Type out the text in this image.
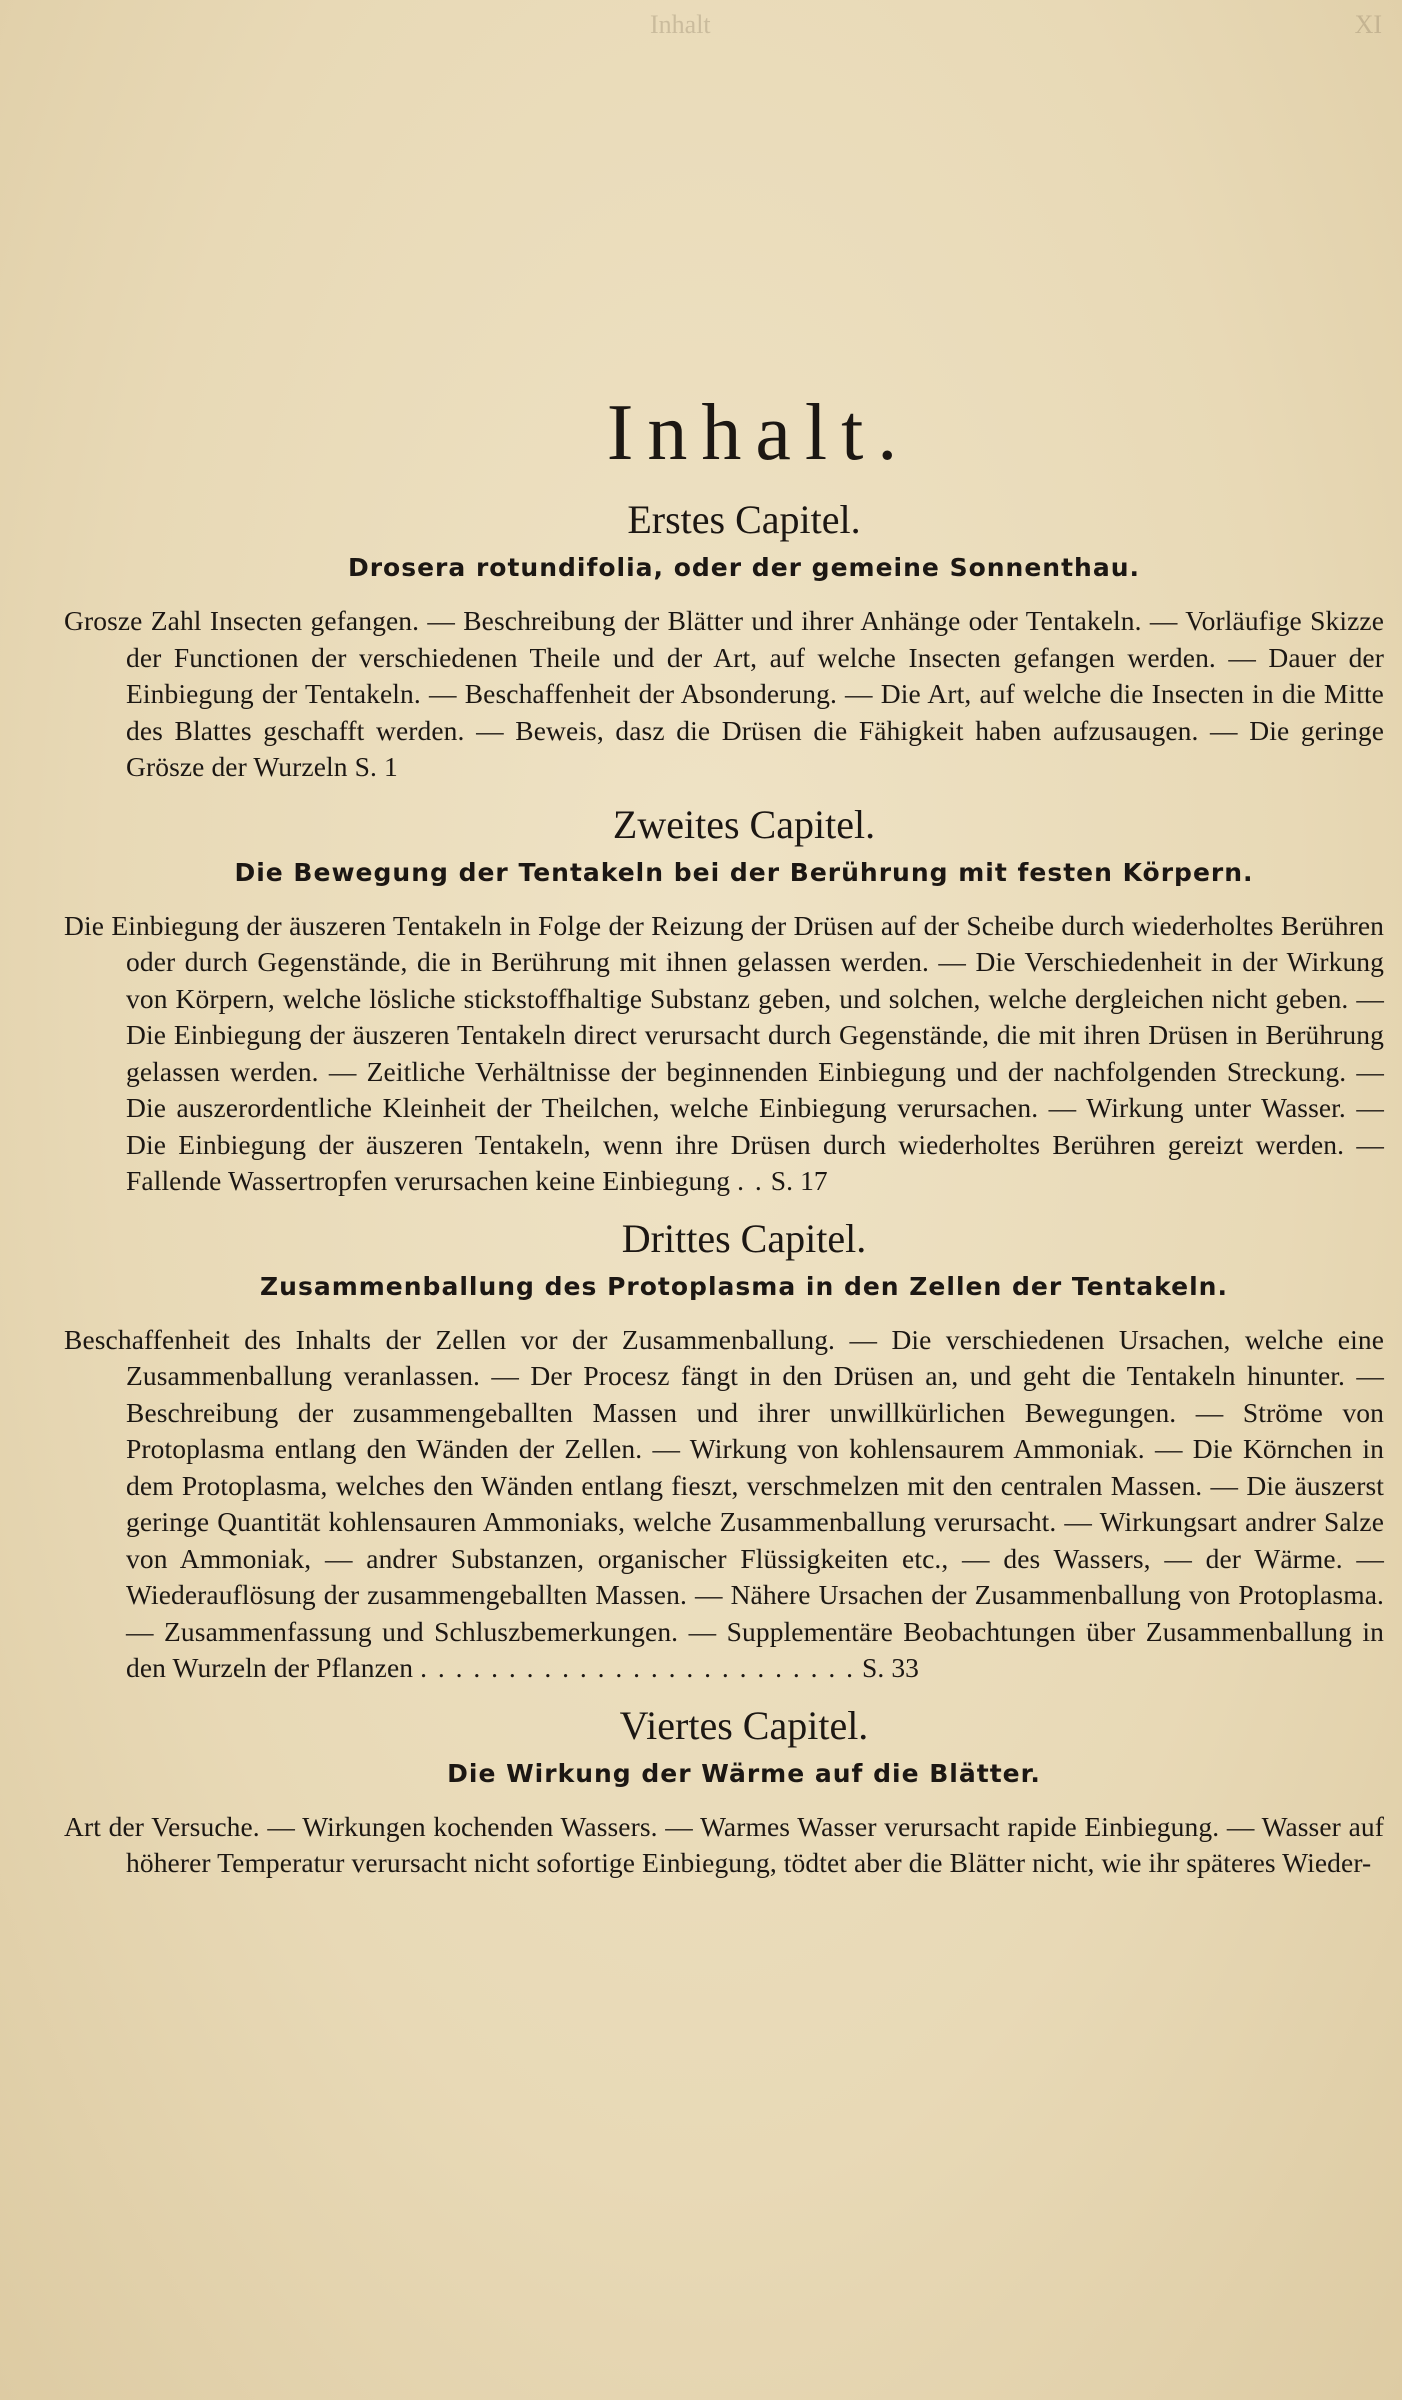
Inhalt	XI
Inhalt.
Erstes Capitel.
Drosera rotundifolia, oder der gemeine Sonnenthau.

Grosze Zahl Insecten gefangen. — Beschreibung der Blätter und ihrer Anhänge oder Tentakeln. — Vorläufige Skizze der Functionen der verschiedenen Theile und der Art, auf welche Insecten gefangen werden. — Dauer der Einbiegung der Tentakeln. — Beschaffenheit der Absonderung. — Die Art, auf welche die Insecten in die Mitte des Blattes geschafft werden. — Beweis, dasz die Drüsen die Fähigkeit haben aufzusaugen. — Die geringe Grösze der Wurzeln S. 1

Zweites Capitel.
Die Bewegung der Tentakeln bei der Berührung mit festen Körpern.

Die Einbiegung der äuszeren Tentakeln in Folge der Reizung der Drüsen auf der Scheibe durch wiederholtes Berühren oder durch Gegenstände, die in Berührung mit ihnen gelassen werden. — Die Verschiedenheit in der Wirkung von Körpern, welche lösliche stickstoffhaltige Substanz geben, und solchen, welche dergleichen nicht geben. — Die Einbiegung der äuszeren Tentakeln direct verursacht durch Gegenstände, die mit ihren Drüsen in Berührung gelassen werden. — Zeitliche Verhältnisse der beginnenden Einbiegung und der nachfolgenden Streckung. — Die auszerordentliche Kleinheit der Theilchen, welche Einbiegung verursachen. — Wirkung unter Wasser. — Die Einbiegung der äuszeren Tentakeln, wenn ihre Drüsen durch wiederholtes Berühren gereizt werden. — Fallende Wassertropfen verursachen keine Einbiegung . . S. 17

Drittes Capitel.
Zusammenballung des Protoplasma in den Zellen der Tentakeln.

Beschaffenheit des Inhalts der Zellen vor der Zusammenballung. — Die verschiedenen Ursachen, welche eine Zusammenballung veranlassen. — Der Procesz fängt in den Drüsen an, und geht die Tentakeln hinunter. — Beschreibung der zusammengeballten Massen und ihrer unwillkürlichen Bewegungen. — Ströme von Protoplasma entlang den Wänden der Zellen. — Wirkung von kohlensaurem Ammoniak. — Die Körnchen in dem Protoplasma, welches den Wänden entlang fieszt, verschmelzen mit den centralen Massen. — Die äuszerst geringe Quantität kohlensauren Ammoniaks, welche Zusammenballung verursacht. — Wirkungsart andrer Salze von Ammoniak, — andrer Substanzen, organischer Flüssigkeiten etc., — des Wassers, — der Wärme. — Wiederauflösung der zusammengeballten Massen. — Nähere Ursachen der Zusammenballung von Protoplasma. — Zusammenfassung und Schluszbemerkungen. — Supplementäre Beobachtungen über Zusammenballung in den Wurzeln der Pflanzen . . . . . . . . . . . . . . . . . . . . . . . . . S. 33

Viertes Capitel.
Die Wirkung der Wärme auf die Blätter.

Art der Versuche. — Wirkungen kochenden Wassers. — Warmes Wasser verursacht rapide Einbiegung. — Wasser auf höherer Temperatur verursacht nicht sofortige Einbiegung, tödtet aber die Blätter nicht, wie ihr späteres Wieder-
